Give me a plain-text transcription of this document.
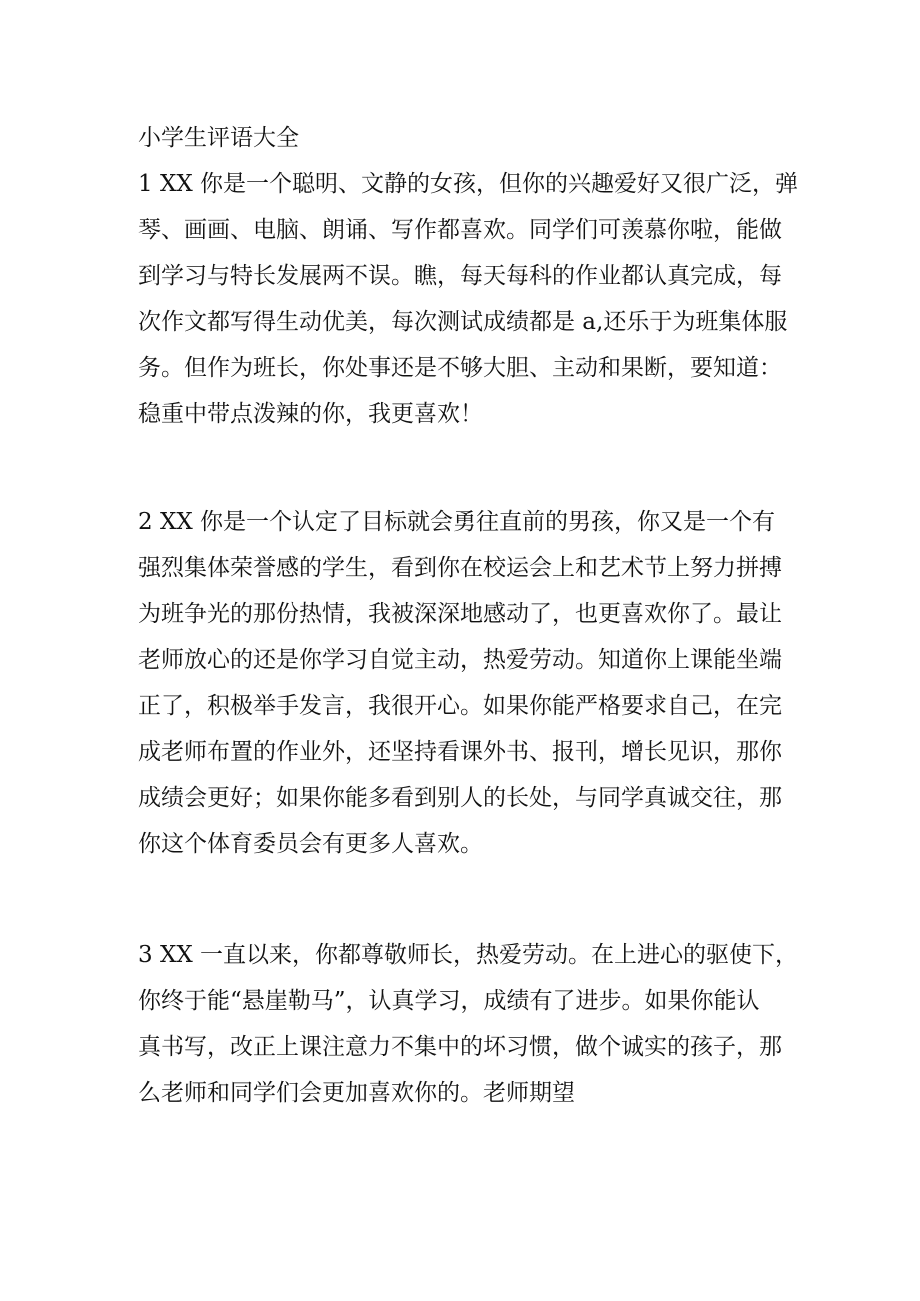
小学生评语大全
1 XX 你是一个聪明、文静的女孩，但你的兴趣爱好又很广泛，弹
琴、画画、电脑、朗诵、写作都喜欢。同学们可羡慕你啦，能做
到学习与特长发展两不误。瞧，每天每科的作业都认真完成，每
次作文都写得生动优美，每次测试成绩都是 a,还乐于为班集体服
务。但作为班长，你处事还是不够大胆、主动和果断，要知道：
稳重中带点泼辣的你，我更喜欢！
2 XX 你是一个认定了目标就会勇往直前的男孩，你又是一个有
强烈集体荣誉感的学生，看到你在校运会上和艺术节上努力拼搏
为班争光的那份热情，我被深深地感动了，也更喜欢你了。最让
老师放心的还是你学习自觉主动，热爱劳动。知道你上课能坐端
正了，积极举手发言，我很开心。如果你能严格要求自己，在完
成老师布置的作业外，还坚持看课外书、报刊，增长见识，那你
成绩会更好；如果你能多看到别人的长处，与同学真诚交往，那
你这个体育委员会有更多人喜欢。
3 XX 一直以来，你都尊敬师长，热爱劳动。在上进心的驱使下，
你终于能“悬崖勒马”，认真学习，成绩有了进步。如果你能认
真书写，改正上课注意力不集中的坏习惯，做个诚实的孩子，那
么老师和同学们会更加喜欢你的。老师期望
